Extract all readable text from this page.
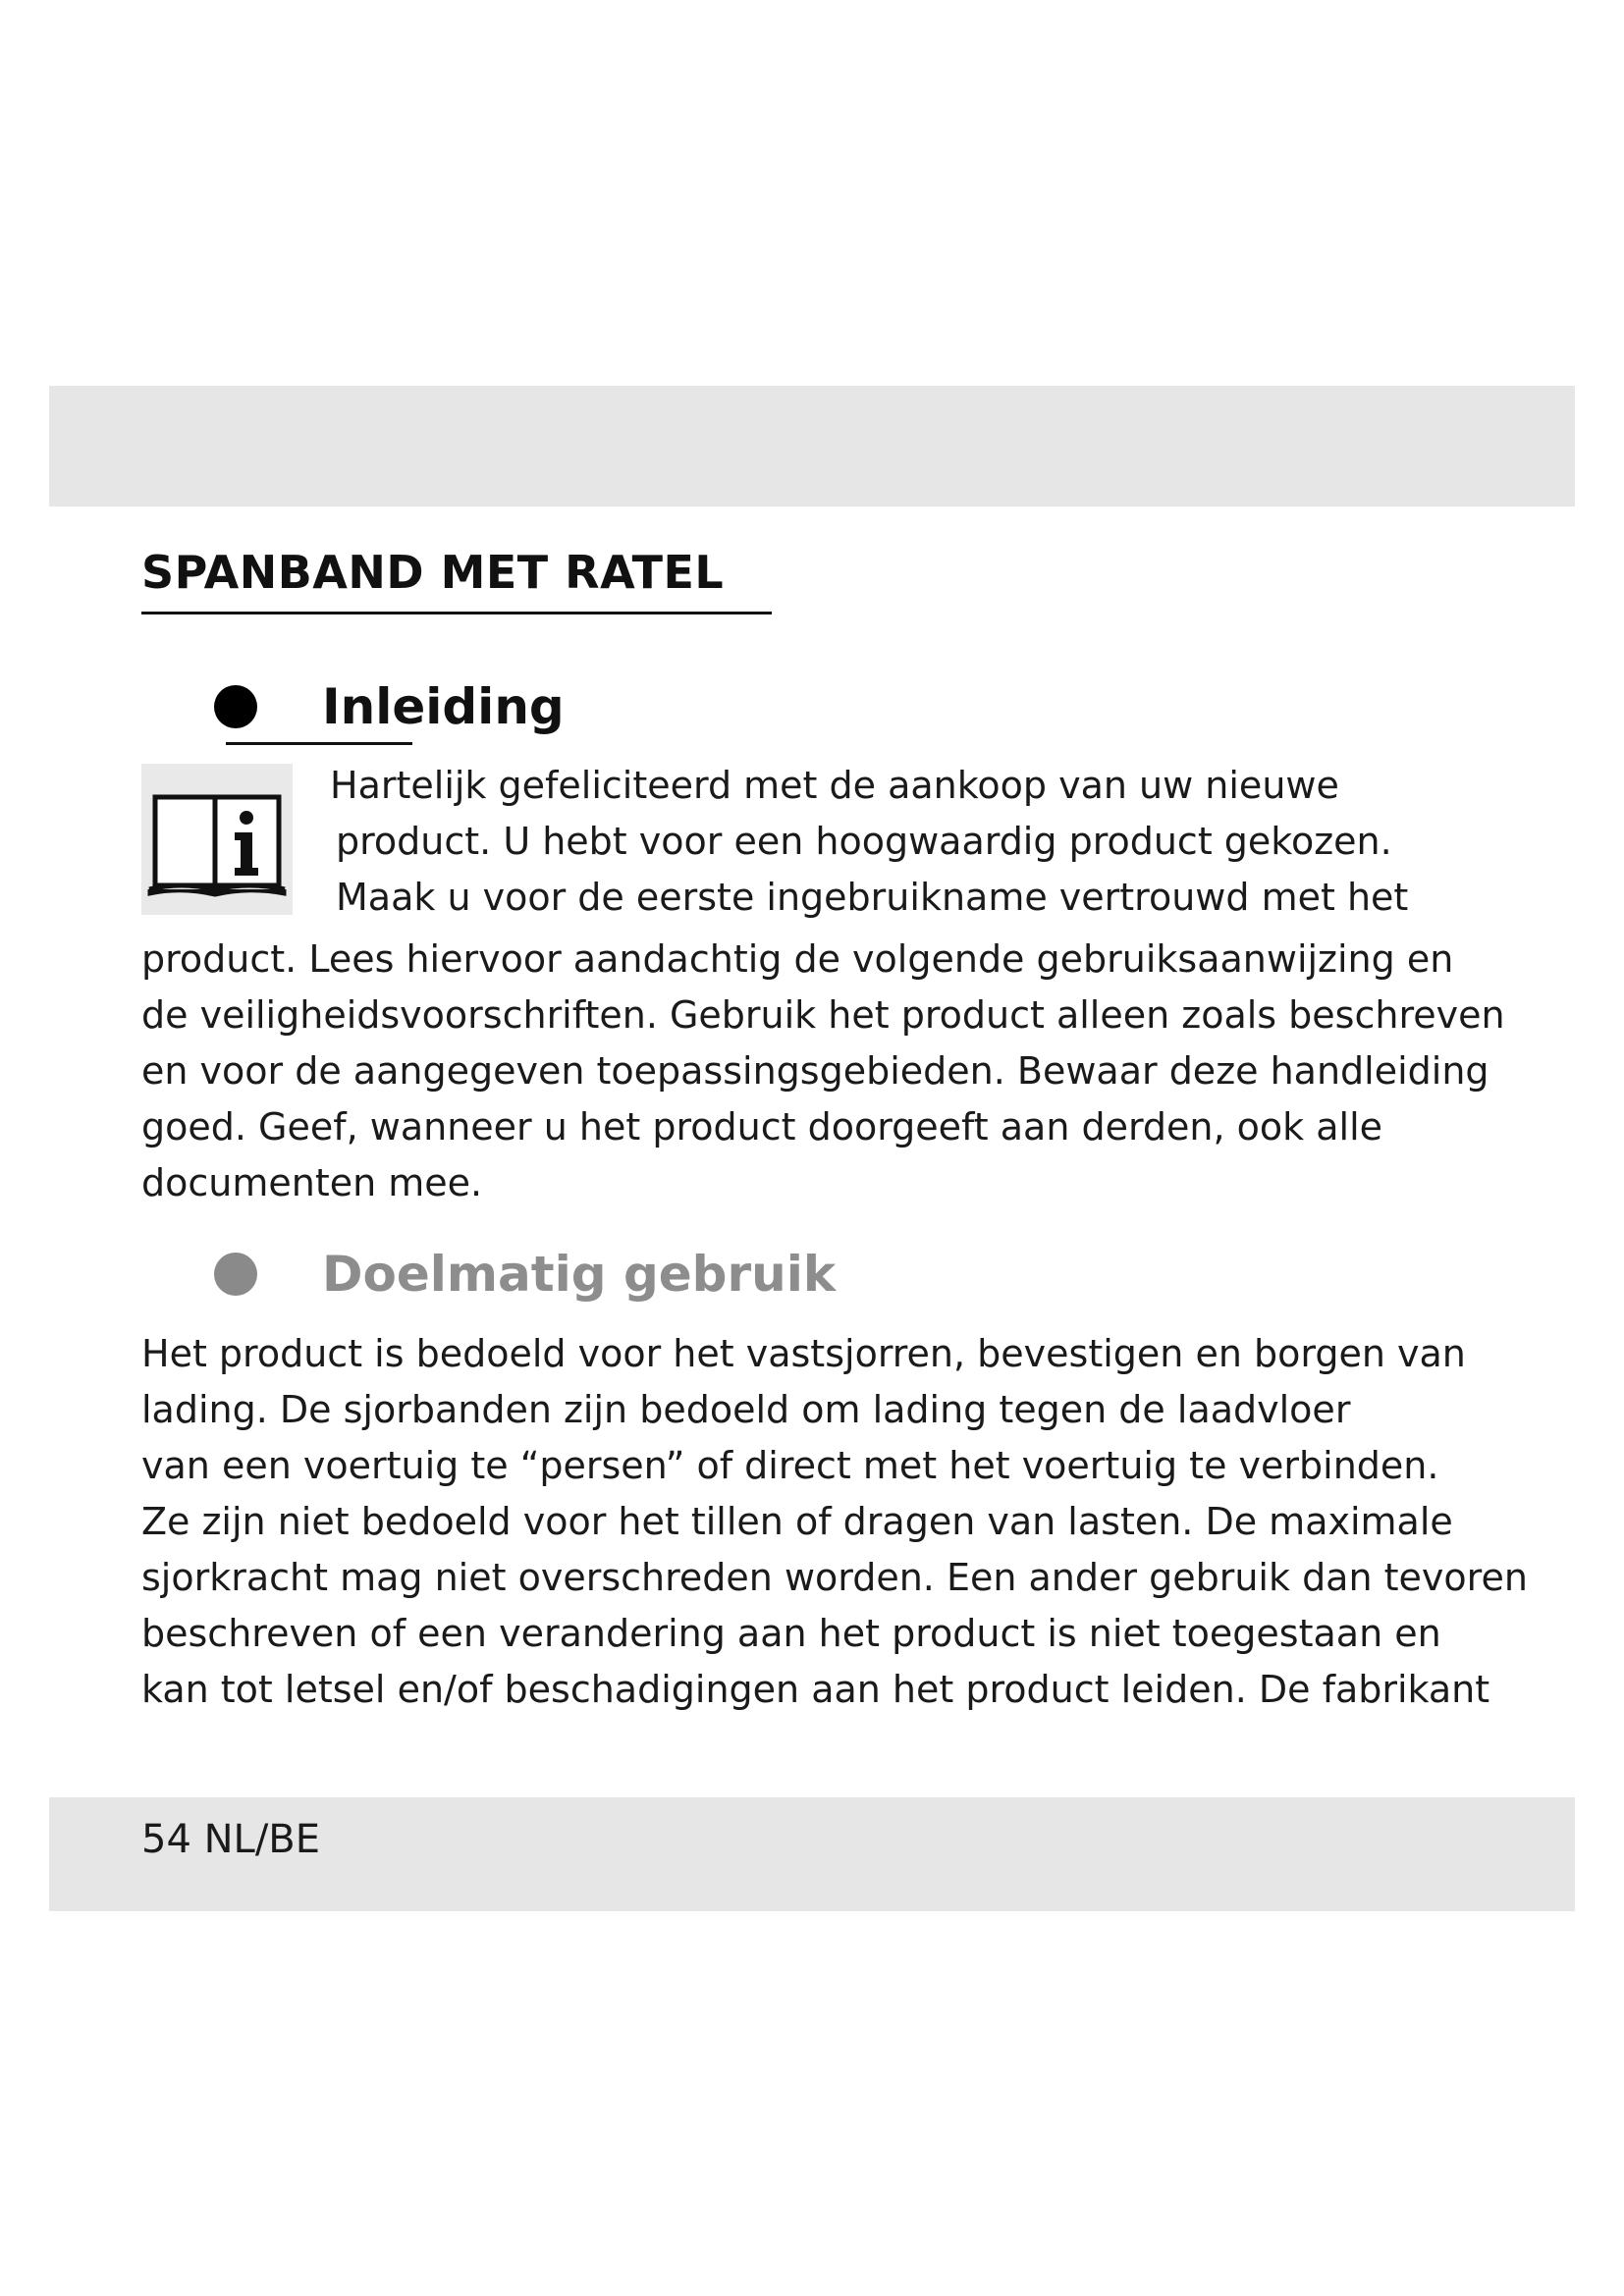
SPANBAND MET RATEL
Inleiding

Hartelijk gefeliciteerd met de aankoop van uw nieuwe
product. U hebt voor een hoogwaardig product gekozen.
Maak u voor de eerste ingebruikname vertrouwd met het

product. Lees hiervoor aandachtig de volgende gebruiksaanwijzing en
de veiligheidsvoorschriften. Gebruik het product alleen zoals beschreven
en voor de aangegeven toepassingsgebieden. Bewaar deze handleiding
goed. Geef, wanneer u het product doorgeeft aan derden, ook alle
documenten mee.

Doelmatig gebruik

Het product is bedoeld voor het vastsjorren, bevestigen en borgen van
lading. De sjorbanden zijn bedoeld om lading tegen de laadvloer
van een voertuig te “persen” of direct met het voertuig te verbinden.
Ze zijn niet bedoeld voor het tillen of dragen van lasten. De maximale
sjorkracht mag niet overschreden worden. Een ander gebruik dan tevoren
beschreven of een verandering aan het product is niet toegestaan en
kan tot letsel en/of beschadigingen aan het product leiden. De fabrikant

54 NL/BE
